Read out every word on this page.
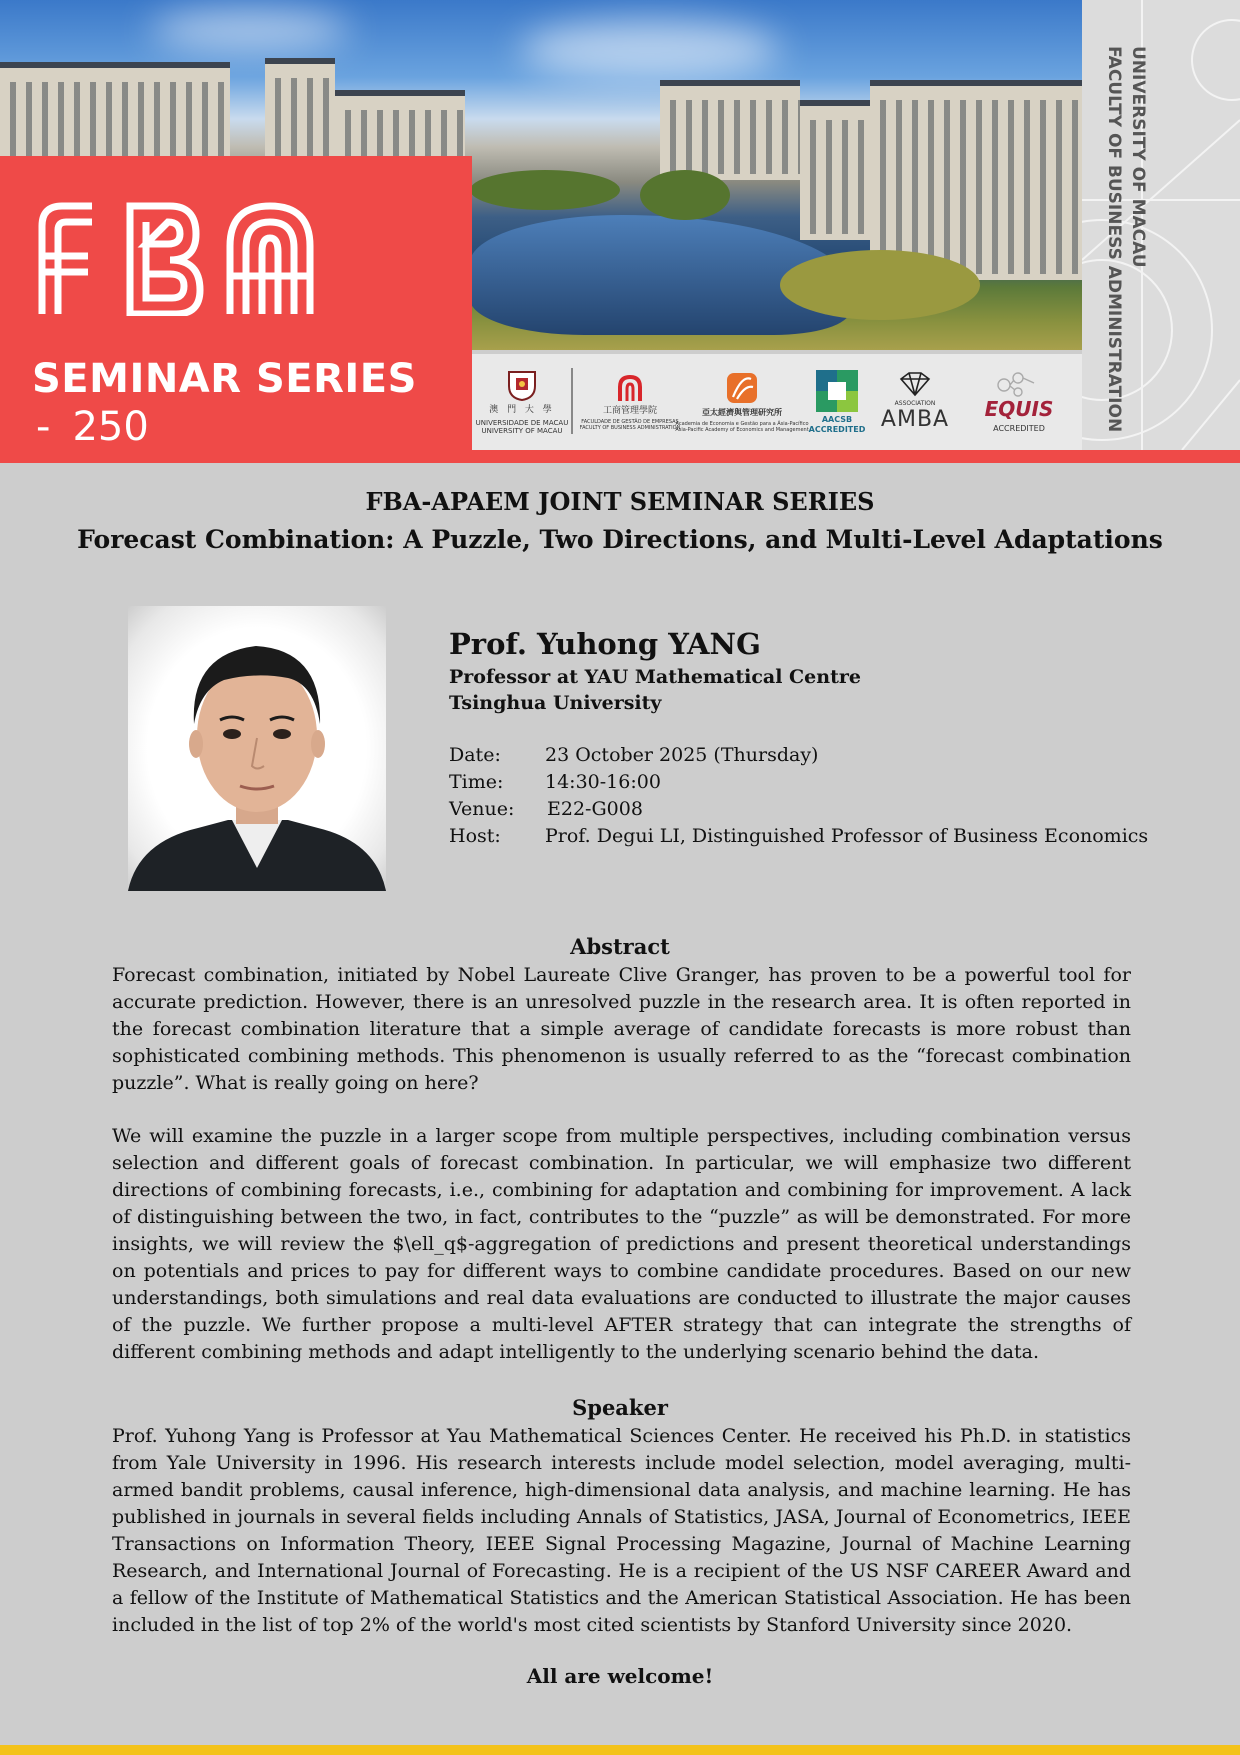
SEMINAR SERIES
- 250	澳 門 大 學
UNIVERSIDADE DE MACAU
UNIVERSITY OF MACAU
工商管理學院
FACULDADE DE GESTÃO DE EMPRESAS
FACULTY OF BUSINESS ADMINISTRATION
亞太經濟與管理研究所
Academia de Economia e Gestão para a Ásia-Pacífico
Asia-Pacific Academy of Economics and Management
AACSB
ACCREDITED
ASSOCIATION
AMBA EQUIS
ACCREDITED
UNIVERSITY OF MACAU
FACULTY OF BUSINESS ADMINISTRATION
FBA-APAEM JOINT SEMINAR SERIES
Forecast Combination: A Puzzle, Two Directions, and Multi-Level Adaptations
Prof. Yuhong YANG
Professor at YAU Mathematical Centre
Tsinghua University
Date: 23 October 2025 (Thursday)
Time: 14:30-16:00
Venue: E22-G008
Host: Prof. Degui LI, Distinguished Professor of Business Economics
Abstract

Forecast combination, initiated by Nobel Laureate Clive Granger, has proven to be a powerful tool for accurate prediction. However, there is an unresolved puzzle in the research area. It is often reported in the forecast combination literature that a simple average of candidate forecasts is more robust than sophisticated combining methods. This phenomenon is usually referred to as the “forecast combination puzzle”. What is really going on here?

We will examine the puzzle in a larger scope from multiple perspectives, including combination versus selection and different goals of forecast combination. In particular, we will emphasize two different directions of combining forecasts, i.e., combining for adaptation and combining for improvement. A lack of distinguishing between the two, in fact, contributes to the “puzzle” as will be demonstrated. For more insights, we will review the $\ell_q$-aggregation of predictions and present theoretical understandings on potentials and prices to pay for different ways to combine candidate procedures. Based on our new understandings, both simulations and real data evaluations are conducted to illustrate the major causes of the puzzle. We further propose a multi-level AFTER strategy that can integrate the strengths of different combining methods and adapt intelligently to the underlying scenario behind the data.

Speaker

Prof. Yuhong Yang is Professor at Yau Mathematical Sciences Center. He received his Ph.D. in statistics from Yale University in 1996. His research interests include model selection, model averaging, multi-armed bandit problems, causal inference, high-dimensional data analysis, and machine learning. He has published in journals in several fields including Annals of Statistics, JASA, Journal of Econometrics, IEEE Transactions on Information Theory, IEEE Signal Processing Magazine, Journal of Machine Learning Research, and International Journal of Forecasting. He is a recipient of the US NSF CAREER Award and a fellow of the Institute of Mathematical Statistics and the American Statistical Association. He has been included in the list of top 2% of the world's most cited scientists by Stanford University since 2020.

All are welcome!
